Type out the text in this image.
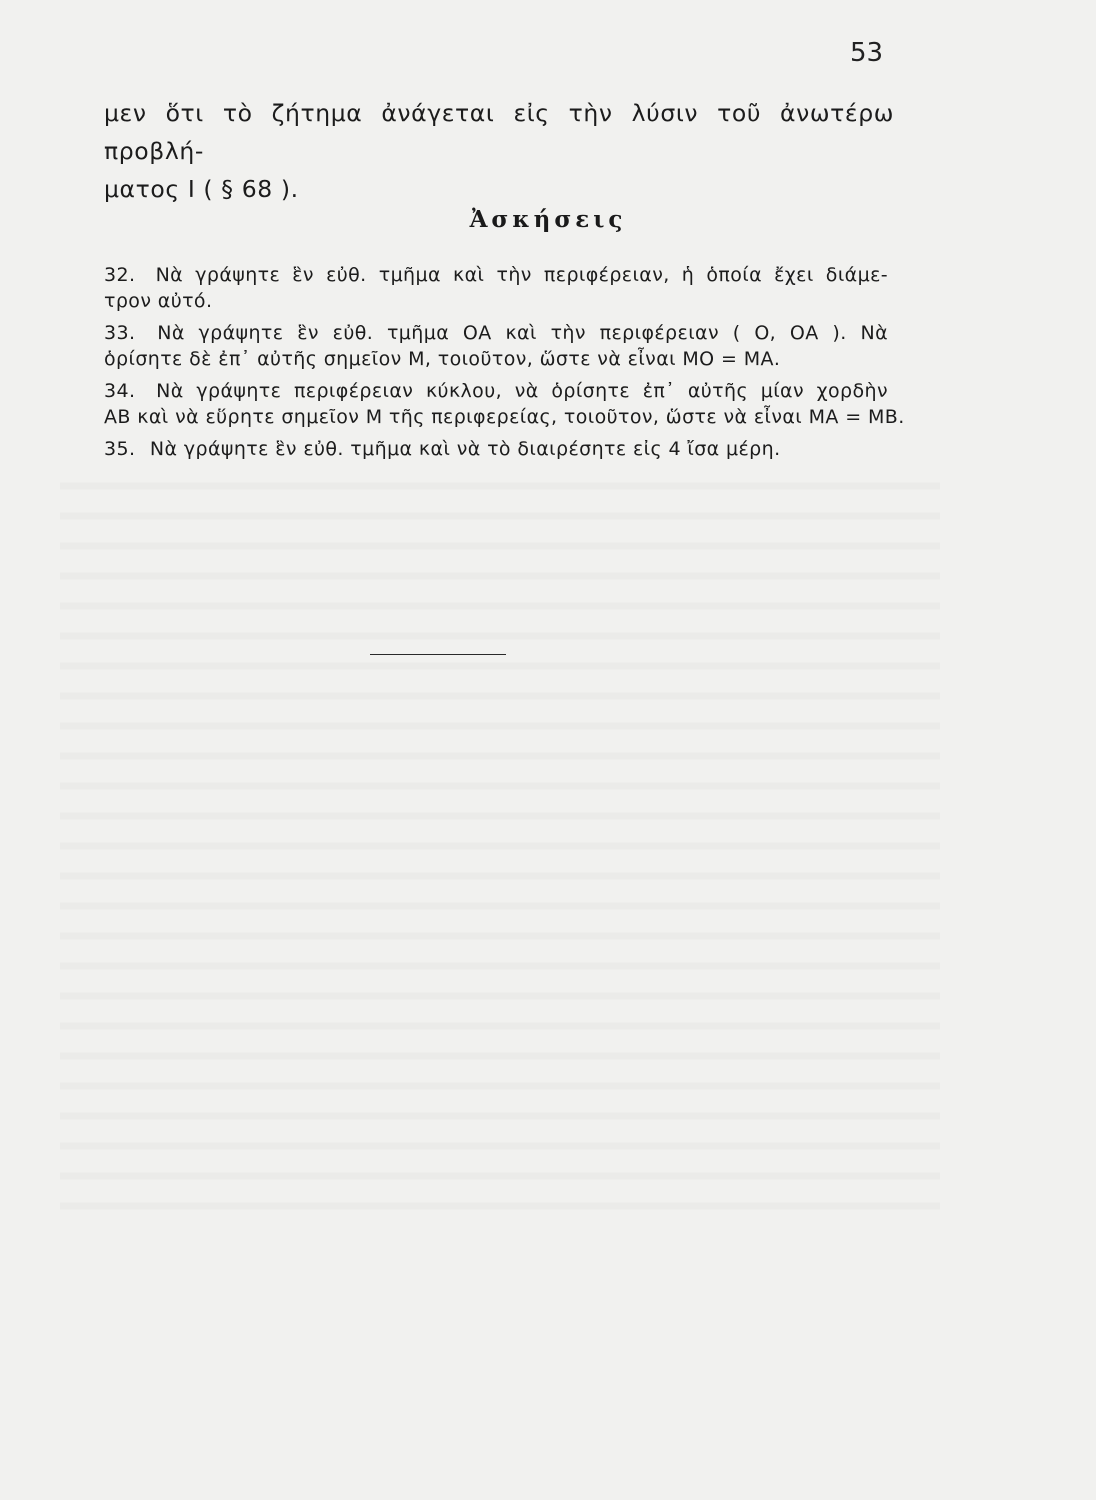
53
μεν ὅτι τὸ ζήτημα ἀνάγεται εἰς τὴν λύσιν τοῦ ἀνωτέρω προβλή-
ματος Ι ( § 68 ).
Ἀσκήσεις
32. Νὰ γράψητε ἓν εὐθ. τμῆμα καὶ τὴν περιφέρειαν, ἡ ὁποία ἔχει διάμε-
τρον αὐτό.
33. Νὰ γράψητε ἓν εὐθ. τμῆμα ΟΑ καὶ τὴν περιφέρειαν ( Ο, ΟΑ ). Νὰ
ὁρίσητε δὲ ἐπ᾽ αὐτῆς σημεῖον Μ, τοιοῦτον, ὥστε νὰ εἶναι ΜΟ = ΜΑ.
34. Νὰ γράψητε περιφέρειαν κύκλου, νὰ ὁρίσητε ἐπ᾽ αὐτῆς μίαν χορδὴν
ΑΒ καὶ νὰ εὕρητε σημεῖον Μ τῆς περιφερείας, τοιοῦτον, ὥστε νὰ εἶναι ΜΑ = ΜΒ.
35. Νὰ γράψητε ἓν εὐθ. τμῆμα καὶ νὰ τὸ διαιρέσητε εἰς 4 ἴσα μέρη.
